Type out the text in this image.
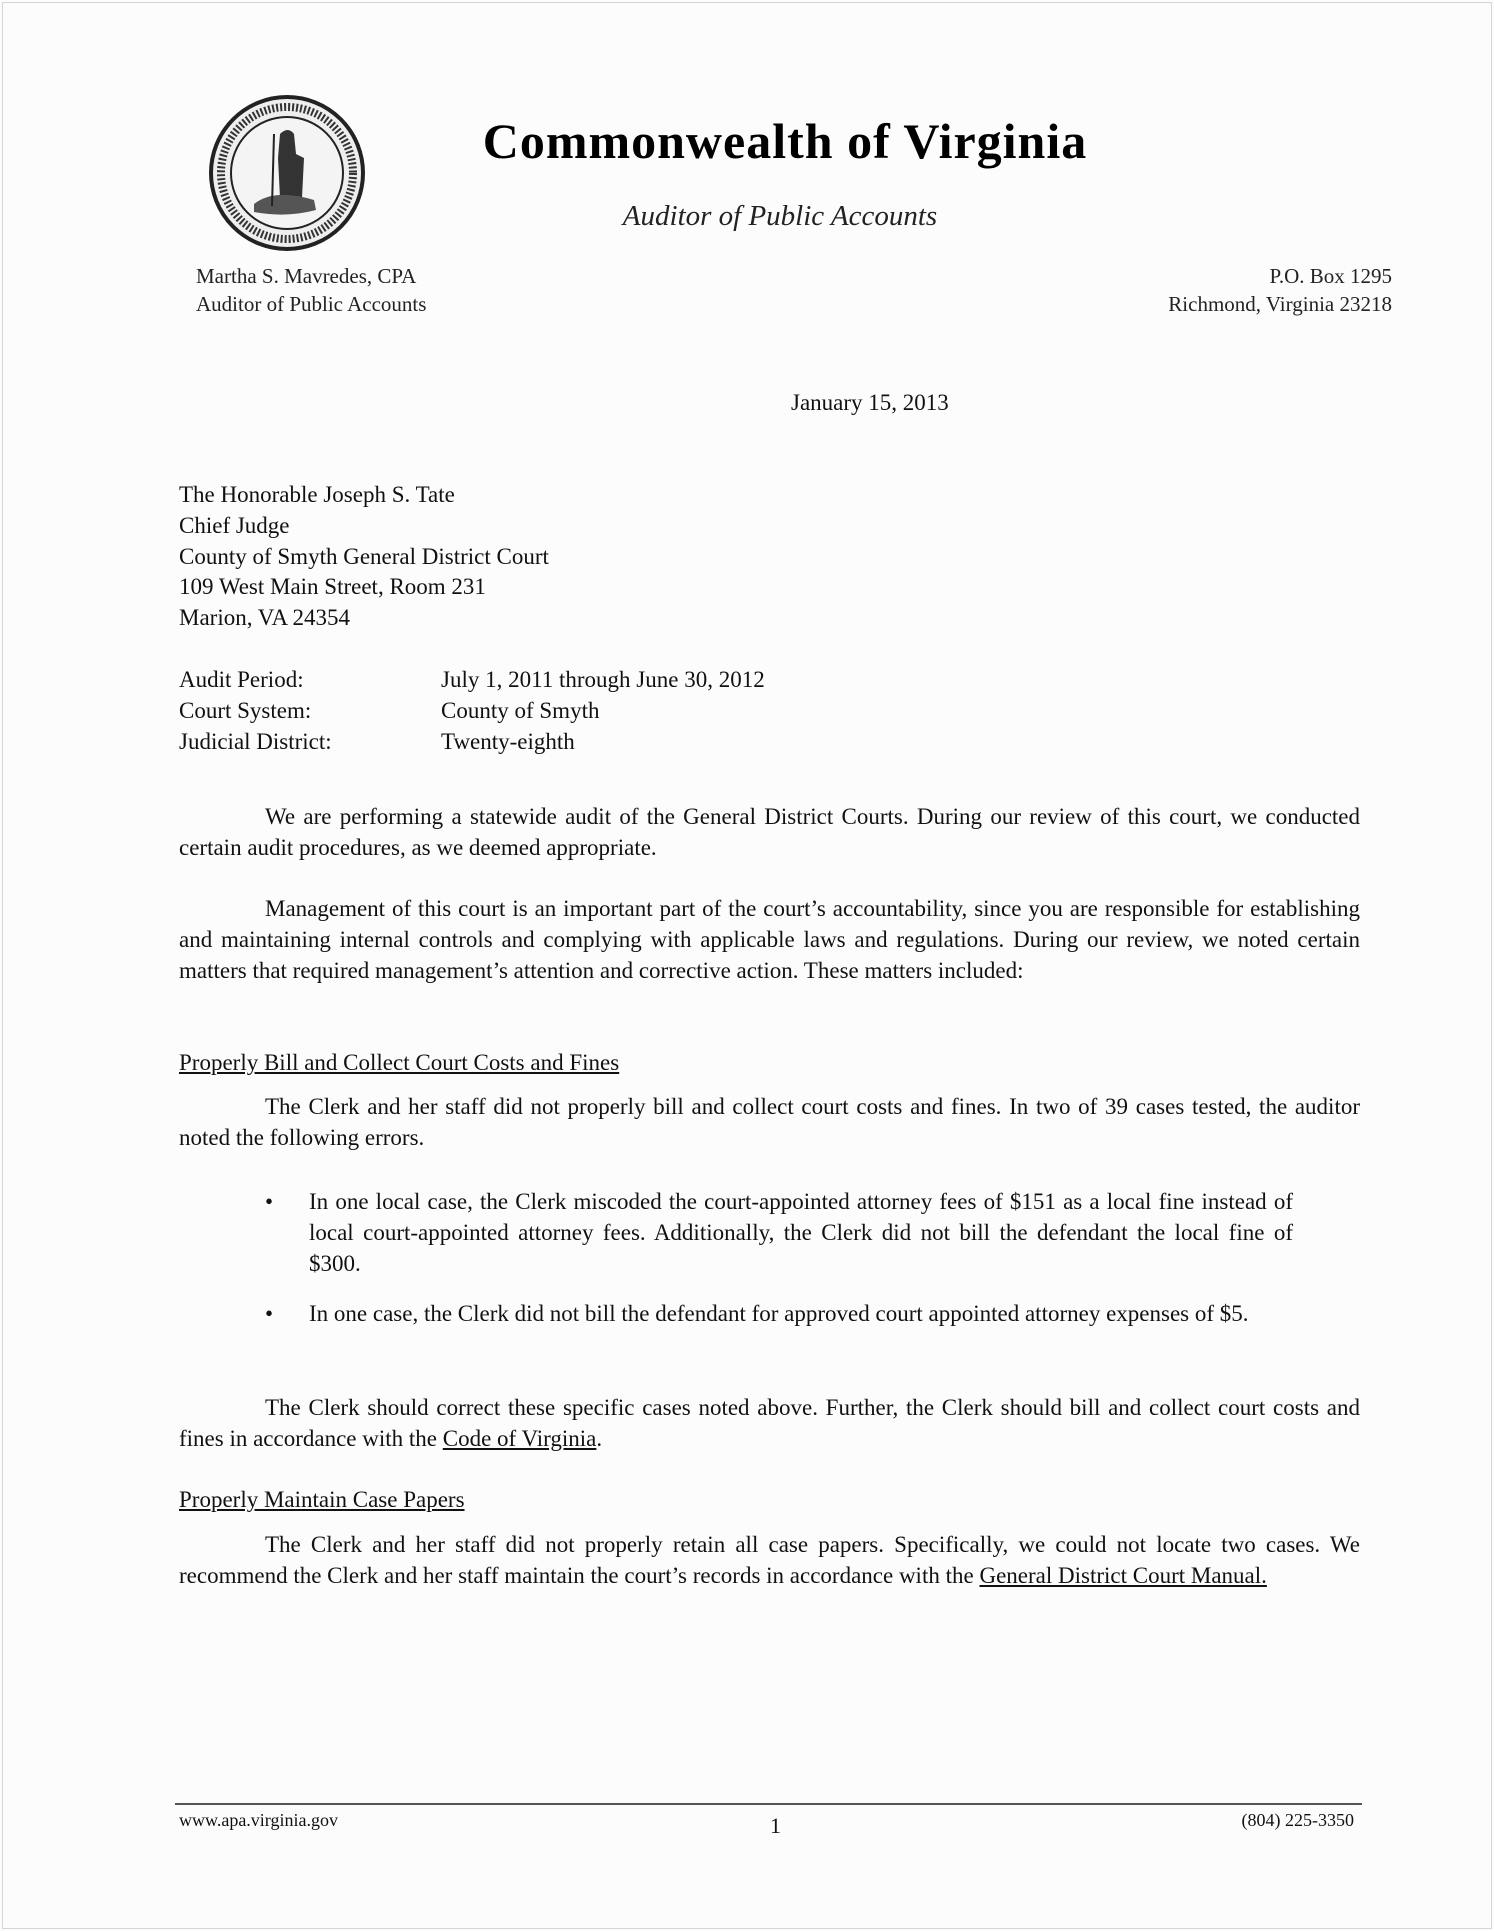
Commonwealth of Virginia
Auditor of Public Accounts
Martha S. Mavredes, CPA
Auditor of Public Accounts
P.O. Box 1295
Richmond, Virginia 23218
January 15, 2013
The Honorable Joseph S. Tate
Chief Judge
County of Smyth General District Court
109 West Main Street, Room 231
Marion, VA 24354
Audit Period:	July 1, 2011 through June 30, 2012
Court System:	County of Smyth
Judicial District:	Twenty-eighth
We are performing a statewide audit of the General District Courts. During our review of this court, we conducted certain audit procedures, as we deemed appropriate.
Management of this court is an important part of the court’s accountability, since you are responsible for establishing and maintaining internal controls and complying with applicable laws and regulations. During our review, we noted certain matters that required management’s attention and corrective action. These matters included:
Properly Bill and Collect Court Costs and Fines
The Clerk and her staff did not properly bill and collect court costs and fines. In two of 39 cases tested, the auditor noted the following errors.
•	In one local case, the Clerk miscoded the court-appointed attorney fees of $151 as a local fine instead of local court-appointed attorney fees. Additionally, the Clerk did not bill the defendant the local fine of $300.
•	In one case, the Clerk did not bill the defendant for approved court appointed attorney expenses of $5.
The Clerk should correct these specific cases noted above. Further, the Clerk should bill and collect court costs and fines in accordance with the Code of Virginia.
Properly Maintain Case Papers
The Clerk and her staff did not properly retain all case papers. Specifically, we could not locate two cases. We recommend the Clerk and her staff maintain the court’s records in accordance with the General District Court Manual.
www.apa.virginia.gov	1	(804) 225-3350
